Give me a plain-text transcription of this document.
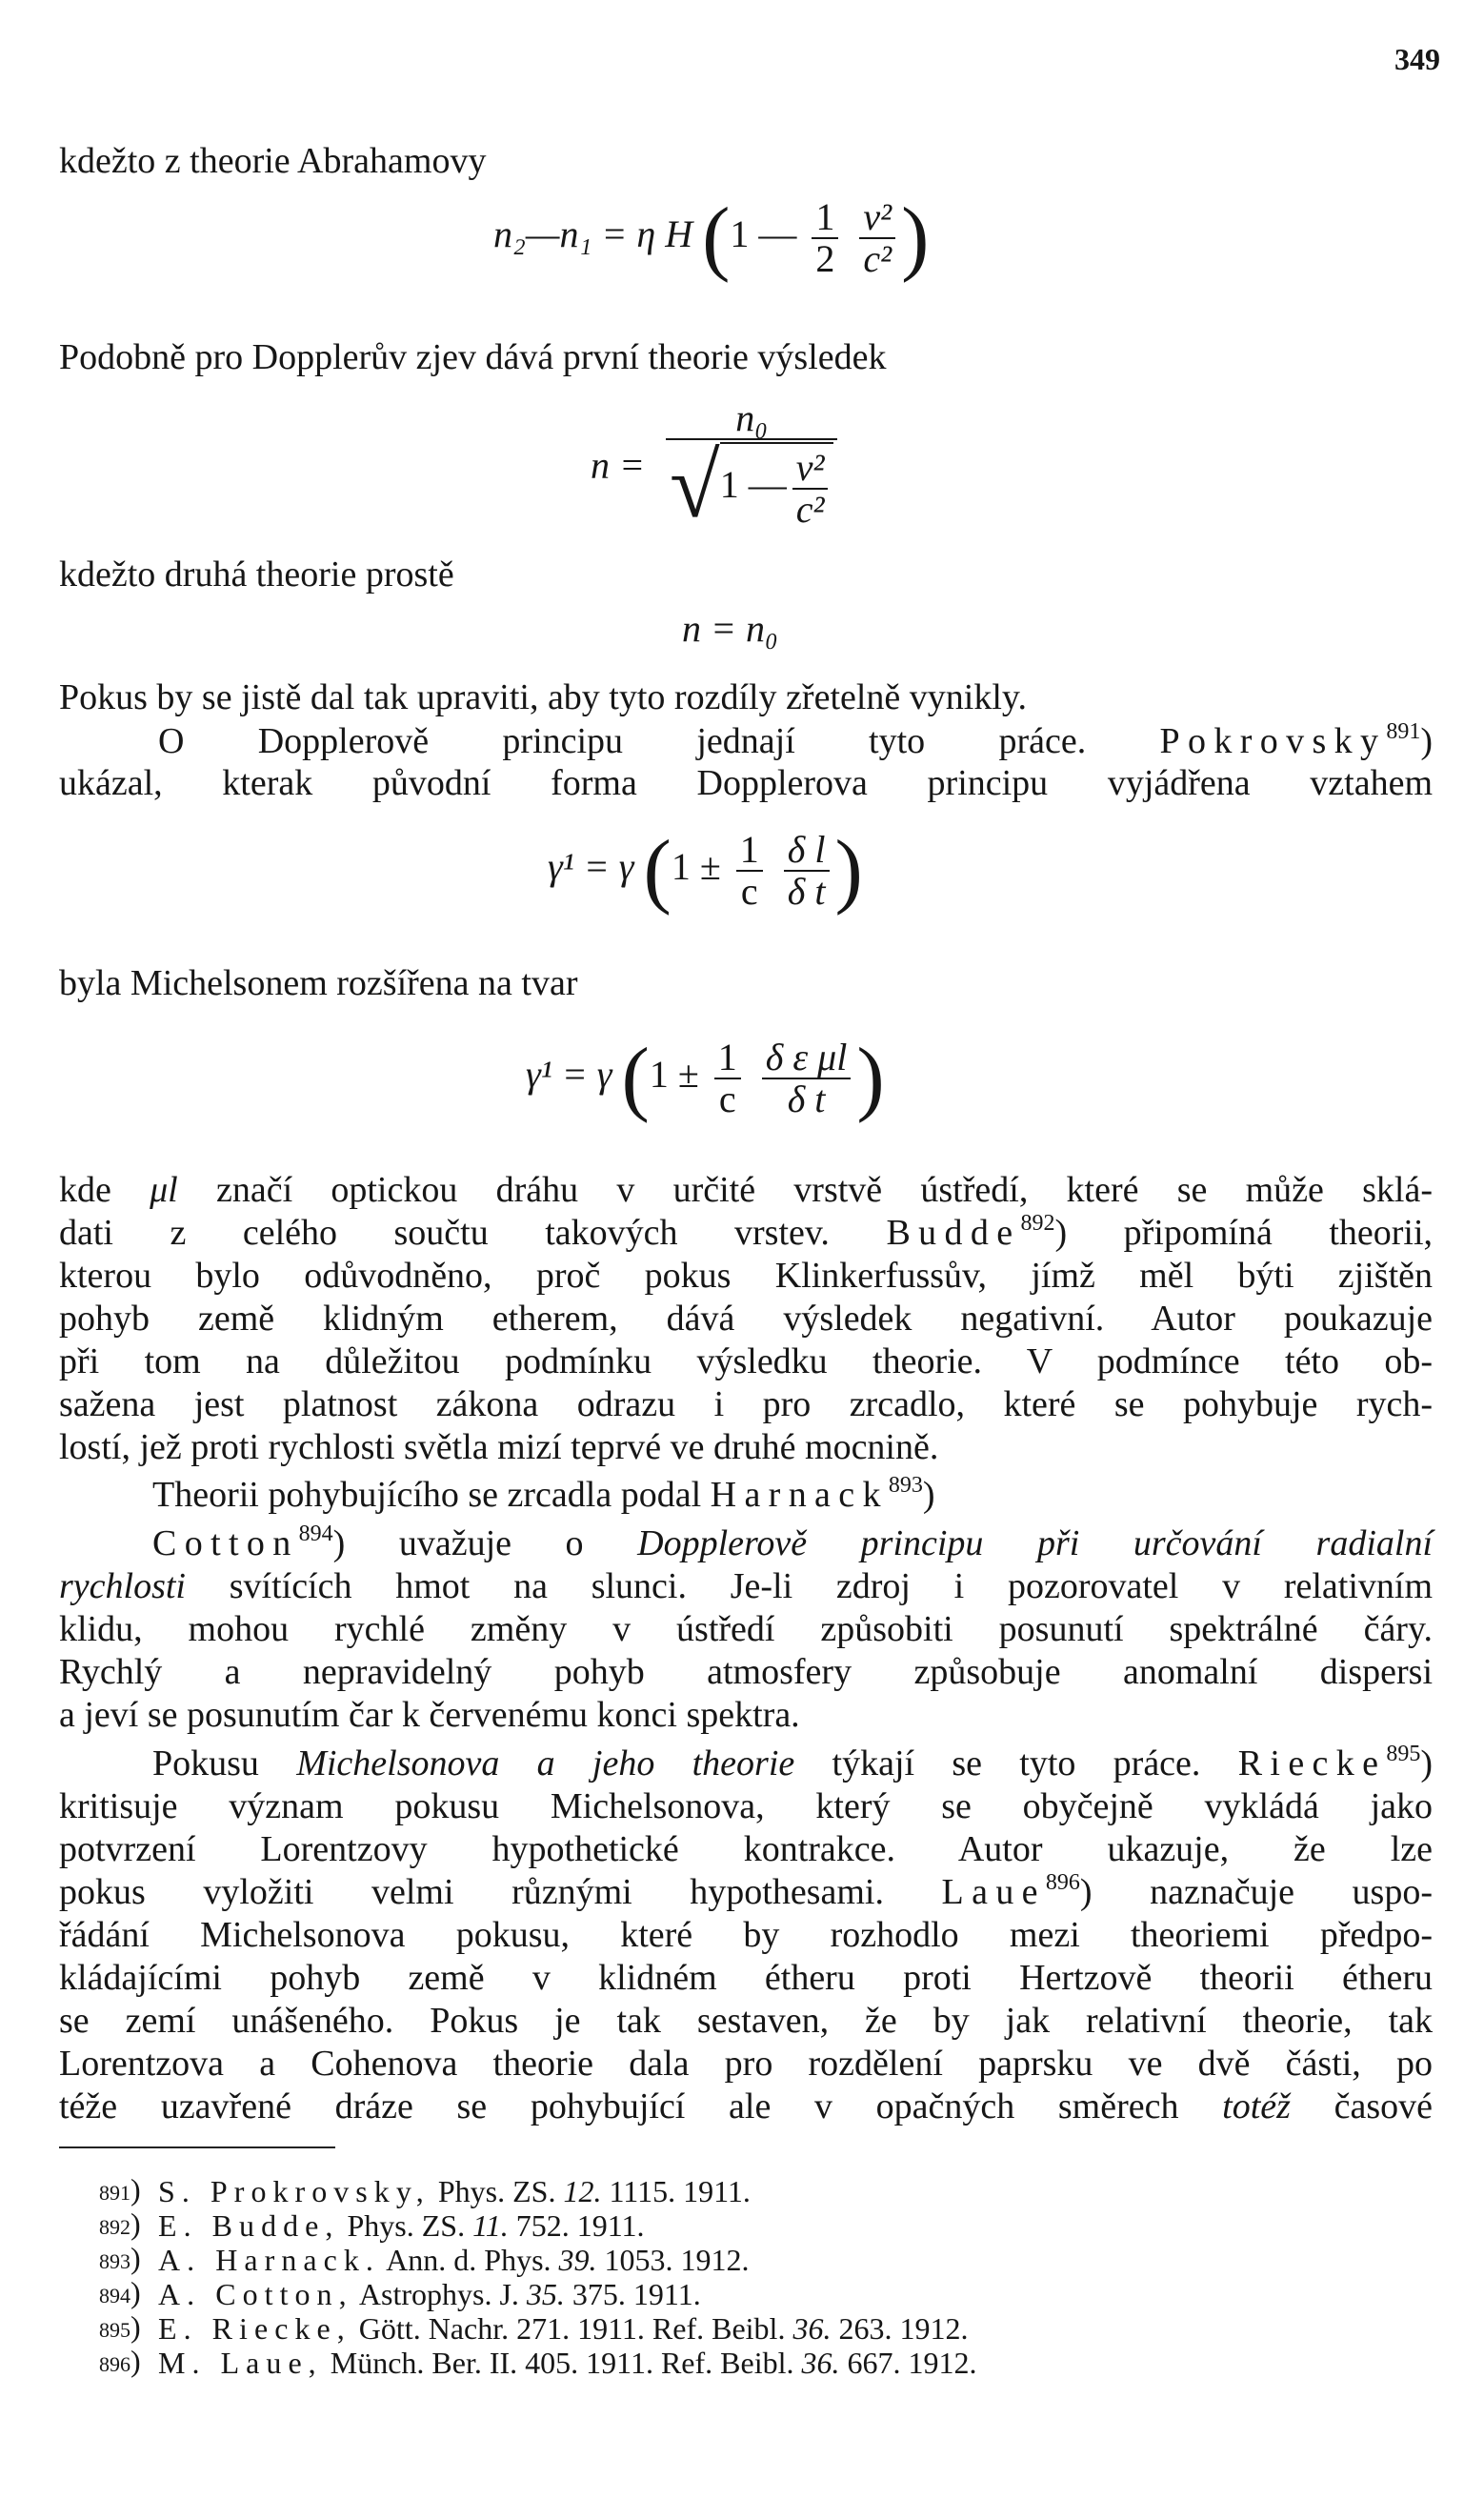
349
kdežto z theorie Abrahamovy
n₂—n₁ = η H (1 — $\frac{1}{2}$
$\frac{\text{v²}}{\text{c²}}$ )
Podobně pro Dopplerův zjev dává první theorie výsledek
$n = \frac{\text{n₀}}{√1 — \frac{\text{v²}}{\text{c²}}}$
kdežto druhá theorie prostě
n = n₀
Pokus by se jistě dal tak upraviti, aby tyto rozdíly zřetelně vynikly.
O Dopplerově principu jednají tyto práce. Pokrovsky$^{891}$)
ukázal, kterak původní forma Dopplerova principu vyjádřena vztahem
γ¹ = γ ($1 \pm \frac{1}{c}$
$\frac{\text{δ l}}{\text{δ t}}$ )
byla Michelsonem rozšířena na tvar
γ¹ = γ ($1 \pm \frac{1}{c}$
$\frac{\text{δ ε μl}}{\text{δ t}}$ )
kde μl značí optickou dráhu v určité vrstvě ústředí, které se může sklá-
dati z celého součtu takových vrstev. Budde$^{892}$) připomíná theorii,
kterou bylo odůvodněno, proč pokus Klinkerfussův, jímž měl býti zjištěn
pohyb země klidným etherem, dává výsledek negativní. Autor poukazuje
při tom na důležitou podmínku výsledku theorie. V podmínce této ob-
sažena jest platnost zákona odrazu i pro zrcadlo, které se pohybuje rych-
lostí, jež proti rychlosti světla mizí teprvé ve druhé mocnině.
Theorii pohybujícího se zrcadla podal Harnack$^{893}$)
Cotton$^{894}$) uvažuje o Dopplerově principu při určování radialní
rychlosti svítících hmot na slunci. Je-li zdroj i pozorovatel v relativním
klidu, mohou rychlé změny v ústředí způsobiti posunutí spektrálné čáry.
Rychlý a nepravidelný pohyb atmosfery způsobuje anomalní dispersi
a jeví se posunutím čar k červenému konci spektra.
Pokusu Michelsonova a jeho theorie týkají se tyto práce. Riecke$^{895}$)
kritisuje význam pokusu Michelsonova, který se obyčejně vykládá jako
potvrzení Lorentzovy hypothetické kontrakce. Autor ukazuje, že lze
pokus vyložiti velmi různými hypothesami. Laue$^{896}$) naznačuje uspo-
řádání Michelsonova pokusu, které by rozhodlo mezi theoriemi předpo-
kládajícími pohyb země v klidném étheru proti Hertzově theorii étheru
se zemí unášeného. Pokus je tak sestaven, že by jak relativní theorie, tak
Lorentzova a Cohenova theorie dala pro rozdělení paprsku ve dvě části, po
téže uzavřené dráze se pohybující ale v opačných směrech totéž časové
891) S. Prokrovsky, Phys. ZS. 12. 1115. 1911.
892) E. Budde, Phys. ZS. 11. 752. 1911.
893) A. Harnack. Ann. d. Phys. 39. 1053. 1912.
894) A. Cotton, Astrophys. J. 35. 375. 1911.
895) E. Riecke, Gött. Nachr. 271. 1911. Ref. Beibl. 36. 263. 1912.
896) M. Laue, Münch. Ber. II. 405. 1911. Ref. Beibl. 36. 667. 1912.
